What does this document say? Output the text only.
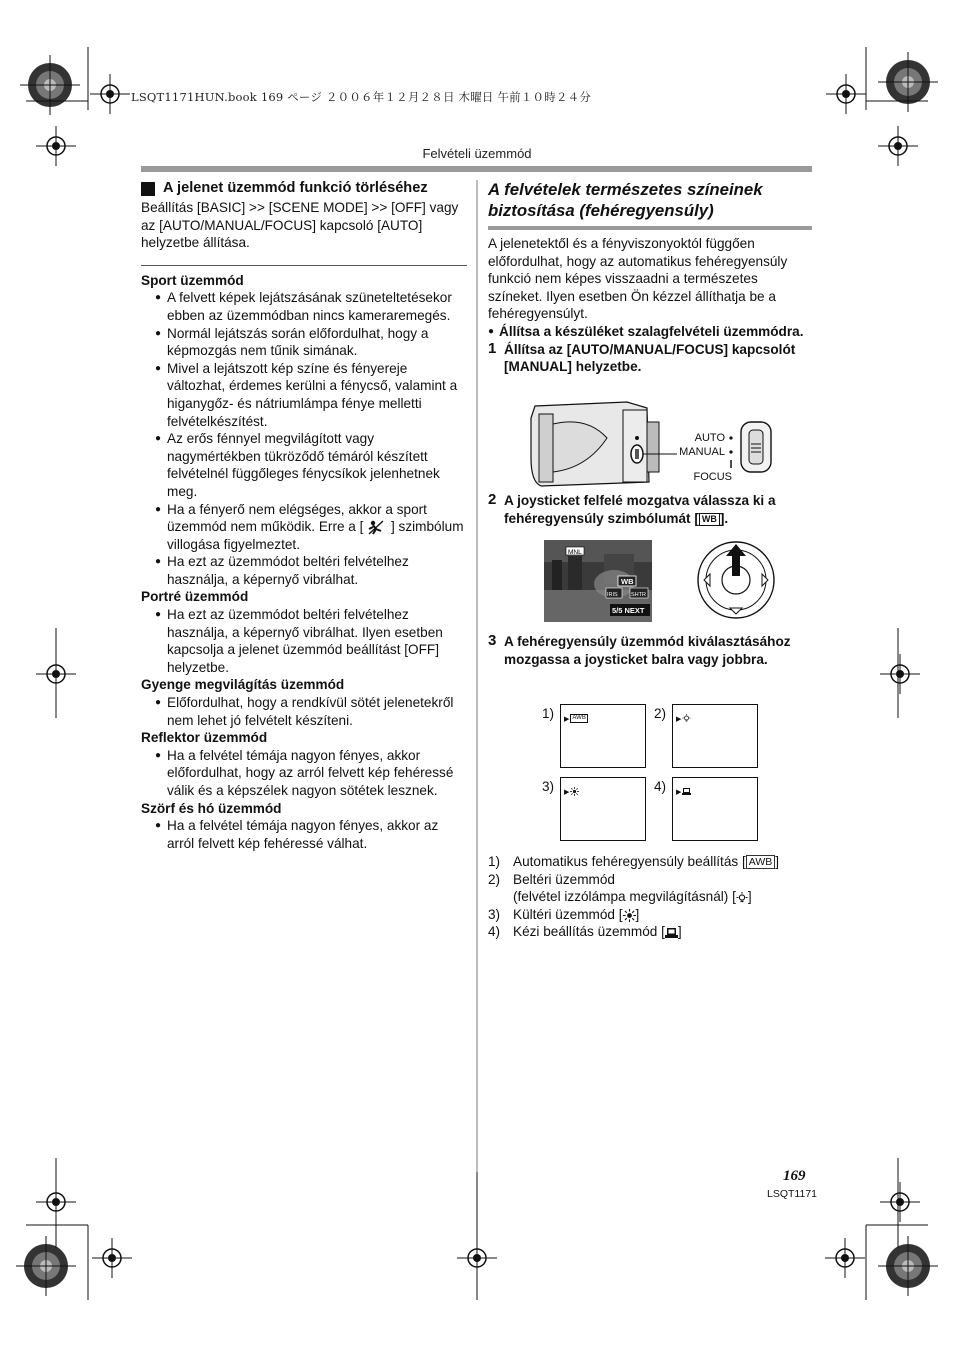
LSQT1171HUN.book 169 ページ ２００６年１２月２８日 木曜日 午前１０時２４分
Felvételi üzemmód
A jelenet üzemmód funkció törléséhez
Beállítás [BASIC] >> [SCENE MODE] >> [OFF] vagy az [AUTO/MANUAL/FOCUS] kapcsoló [AUTO] helyzetbe állítása.
Sport üzemmód
● A felvett képek lejátszásának szüneteltetésekor ebben az üzemmódban nincs kameraremegés.
● Normál lejátszás során előfordulhat, hogy a képmozgás nem tűnik simának.
● Mivel a lejátszott kép színe és fényereje változhat, érdemes kerülni a fénycső, valamint a higanygőz- és nátriumlámpa fénye melletti felvételkészítést.
● Az erős fénnyel megvilágított vagy nagymértékben tükröződő témáról készített felvételnél függőleges fénycsíkok jelenhetnek meg.
● Ha a fényerő nem elégséges, akkor a sport üzemmód nem működik. Erre a [ ] szimbólum villogása figyelmeztet.
● Ha ezt az üzemmódot beltéri felvételhez használja, a képernyő vibrálhat.
Portré üzemmód
● Ha ezt az üzemmódot beltéri felvételhez használja, a képernyő vibrálhat. Ilyen esetben kapcsolja a jelenet üzemmód beállítást [OFF] helyzetbe.
Gyenge megvilágítás üzemmód
● Előfordulhat, hogy a rendkívül sötét jelenetekről nem lehet jó felvételt készíteni.
Reflektor üzemmód
● Ha a felvétel témája nagyon fényes, akkor előfordulhat, hogy az arról felvett kép fehéressé válik és a képszélek nagyon sötétek lesznek.
Szörf és hó üzemmód
● Ha a felvétel témája nagyon fényes, akkor az arról felvett kép fehéressé válhat.
A felvételek természetes színeinek biztosítása (fehéregyensúly)
A jelenetektől és a fényviszonyoktól függően előfordulhat, hogy az automatikus fehéregyensúly funkció nem képes visszaadni a természetes színeket. Ilyen esetben Ön kézzel állíthatja be a fehéregyensúlyt.
● Állítsa a készüléket szalagfelvételi üzemmódra.
1 Állítsa az [AUTO/MANUAL/FOCUS] kapcsolót [MANUAL] helyzetbe.
AUTO
MANUAL
FOCUS
2 A joysticket felfelé mozgatva válassza ki a fehéregyensúly szimbólumát [ WB ].
MNL
WB
IRIS SHTR
5/5 NEXT
3 A fehéregyensúly üzemmód kiválasztásához mozgassa a joysticket balra vagy jobbra.
1) ▶ AWB	2) ▶
3) ▶	4) ▶
1) Automatikus fehéregyensúly beállítás [ AWB ]
2) Beltéri üzemmód
(felvétel izzólámpa megvilágításnál) [ ]
3) Kültéri üzemmód [ ]
4) Kézi beállítás üzemmód [ ]
169
LSQT1171
